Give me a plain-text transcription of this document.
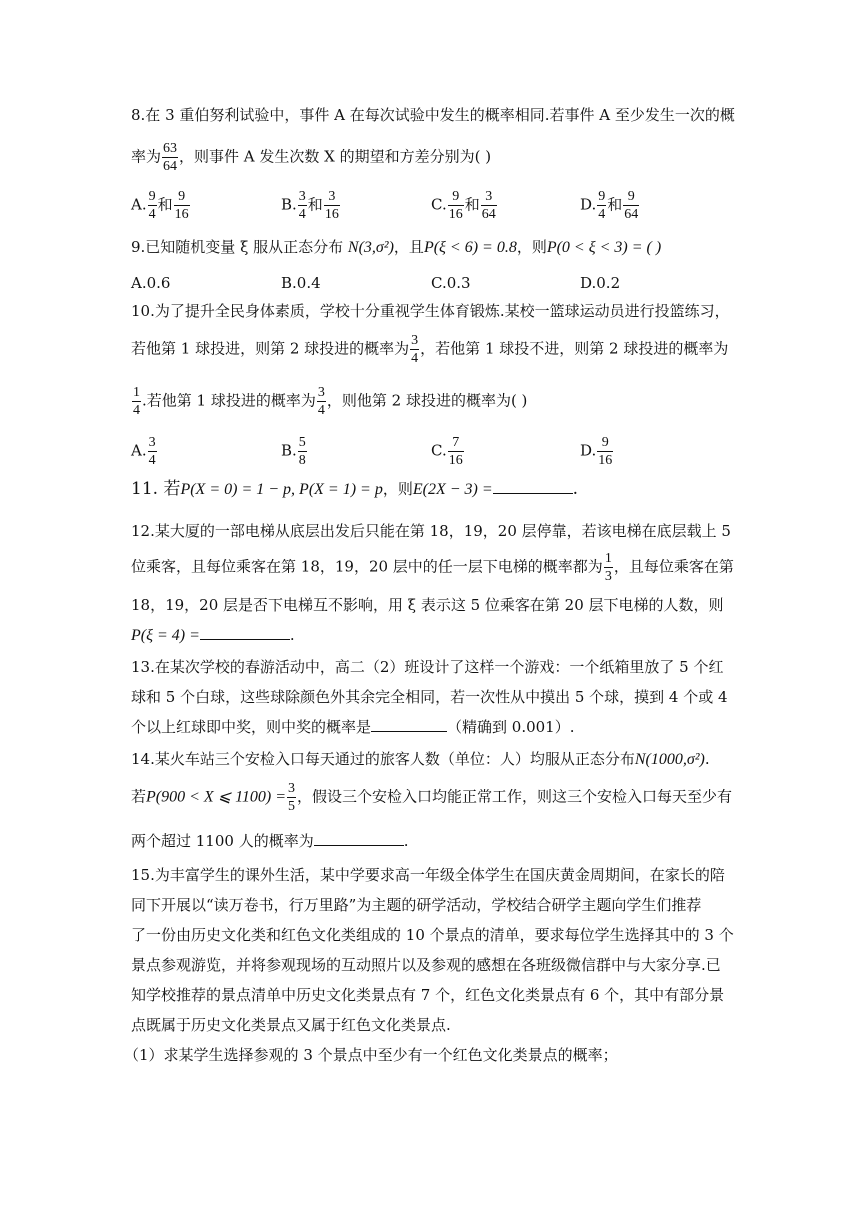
8.在 3 重伯努利试验中，事件 A 在每次试验中发生的概率相同.若事件 A 至少发生一次的概
率为 $\frac{63}{64}$ ，则事件 A 发生次数 X 的期望和方差分别为( )
A. $\frac{9}{4}$ 和 $\frac{9}{16}$	B. $\frac{3}{4}$ 和 $\frac{3}{16}$	C. $\frac{9}{16}$ 和 $\frac{3}{64}$	D. $\frac{9}{4}$ 和 $\frac{9}{64}$
9.已知随机变量 ξ 服从正态分布 N(3,σ²)，且P(ξ < 6) = 0.8，则P(0 < ξ < 3) = ( )
A.0.6	B.0.4	C.0.3	D.0.2
10.为了提升全民身体素质，学校十分重视学生体育锻炼.某校一篮球运动员进行投篮练习，
若他第 1 球投进，则第 2 球投进的概率为 $\frac{3}{4}$ ，若他第 1 球投不进，则第 2 球投进的概率为
$\frac{1}{4}$ .若他第 1 球投进的概率为 $\frac{3}{4}$ ，则他第 2 球投进的概率为( )
A. $\frac{3}{4}$	B. $\frac{5}{8}$	C. $\frac{7}{16}$	D. $\frac{9}{16}$
11. 若P(X = 0) = 1 − p, P(X = 1) = p，则E(2X − 3) =	.
12.某大厦的一部电梯从底层出发后只能在第 18，19，20 层停靠，若该电梯在底层载上 5
位乘客，且每位乘客在第 18，19，20 层中的任一层下电梯的概率都为 $\frac{1}{3}$ ，且每位乘客在第
18，19，20 层是否下电梯互不影响，用 ξ 表示这 5 位乘客在第 20 层下电梯的人数，则
P(ξ = 4) =	.
13.在某次学校的春游活动中，高二（2）班设计了这样一个游戏：一个纸箱里放了 5 个红
球和 5 个白球，这些球除颜色外其余完全相同，若一次性从中摸出 5 个球，摸到 4 个或 4
个以上红球即中奖，则中奖的概率是	（精确到 0.001）.
14.某火车站三个安检入口每天通过的旅客人数（单位：人）均服从正态分布N(1000,σ²).
若P(900 < X ⩽ $1100) = \frac{3}{5}$ ，假设三个安检入口均能正常工作，则这三个安检入口每天至少有
两个超过 1100 人的概率为	.
15.为丰富学生的课外生活，某中学要求高一年级全体学生在国庆黄金周期间，在家长的陪
同下开展以“读万卷书，行万里路”为主题的研学活动，学校结合研学主题向学生们推荐
了一份由历史文化类和红色文化类组成的 10 个景点的清单，要求每位学生选择其中的 3 个
景点参观游览，并将参观现场的互动照片以及参观的感想在各班级微信群中与大家分享.已
知学校推荐的景点清单中历史文化类景点有 7 个，红色文化类景点有 6 个，其中有部分景
点既属于历史文化类景点又属于红色文化类景点.
（1）求某学生选择参观的 3 个景点中至少有一个红色文化类景点的概率；
